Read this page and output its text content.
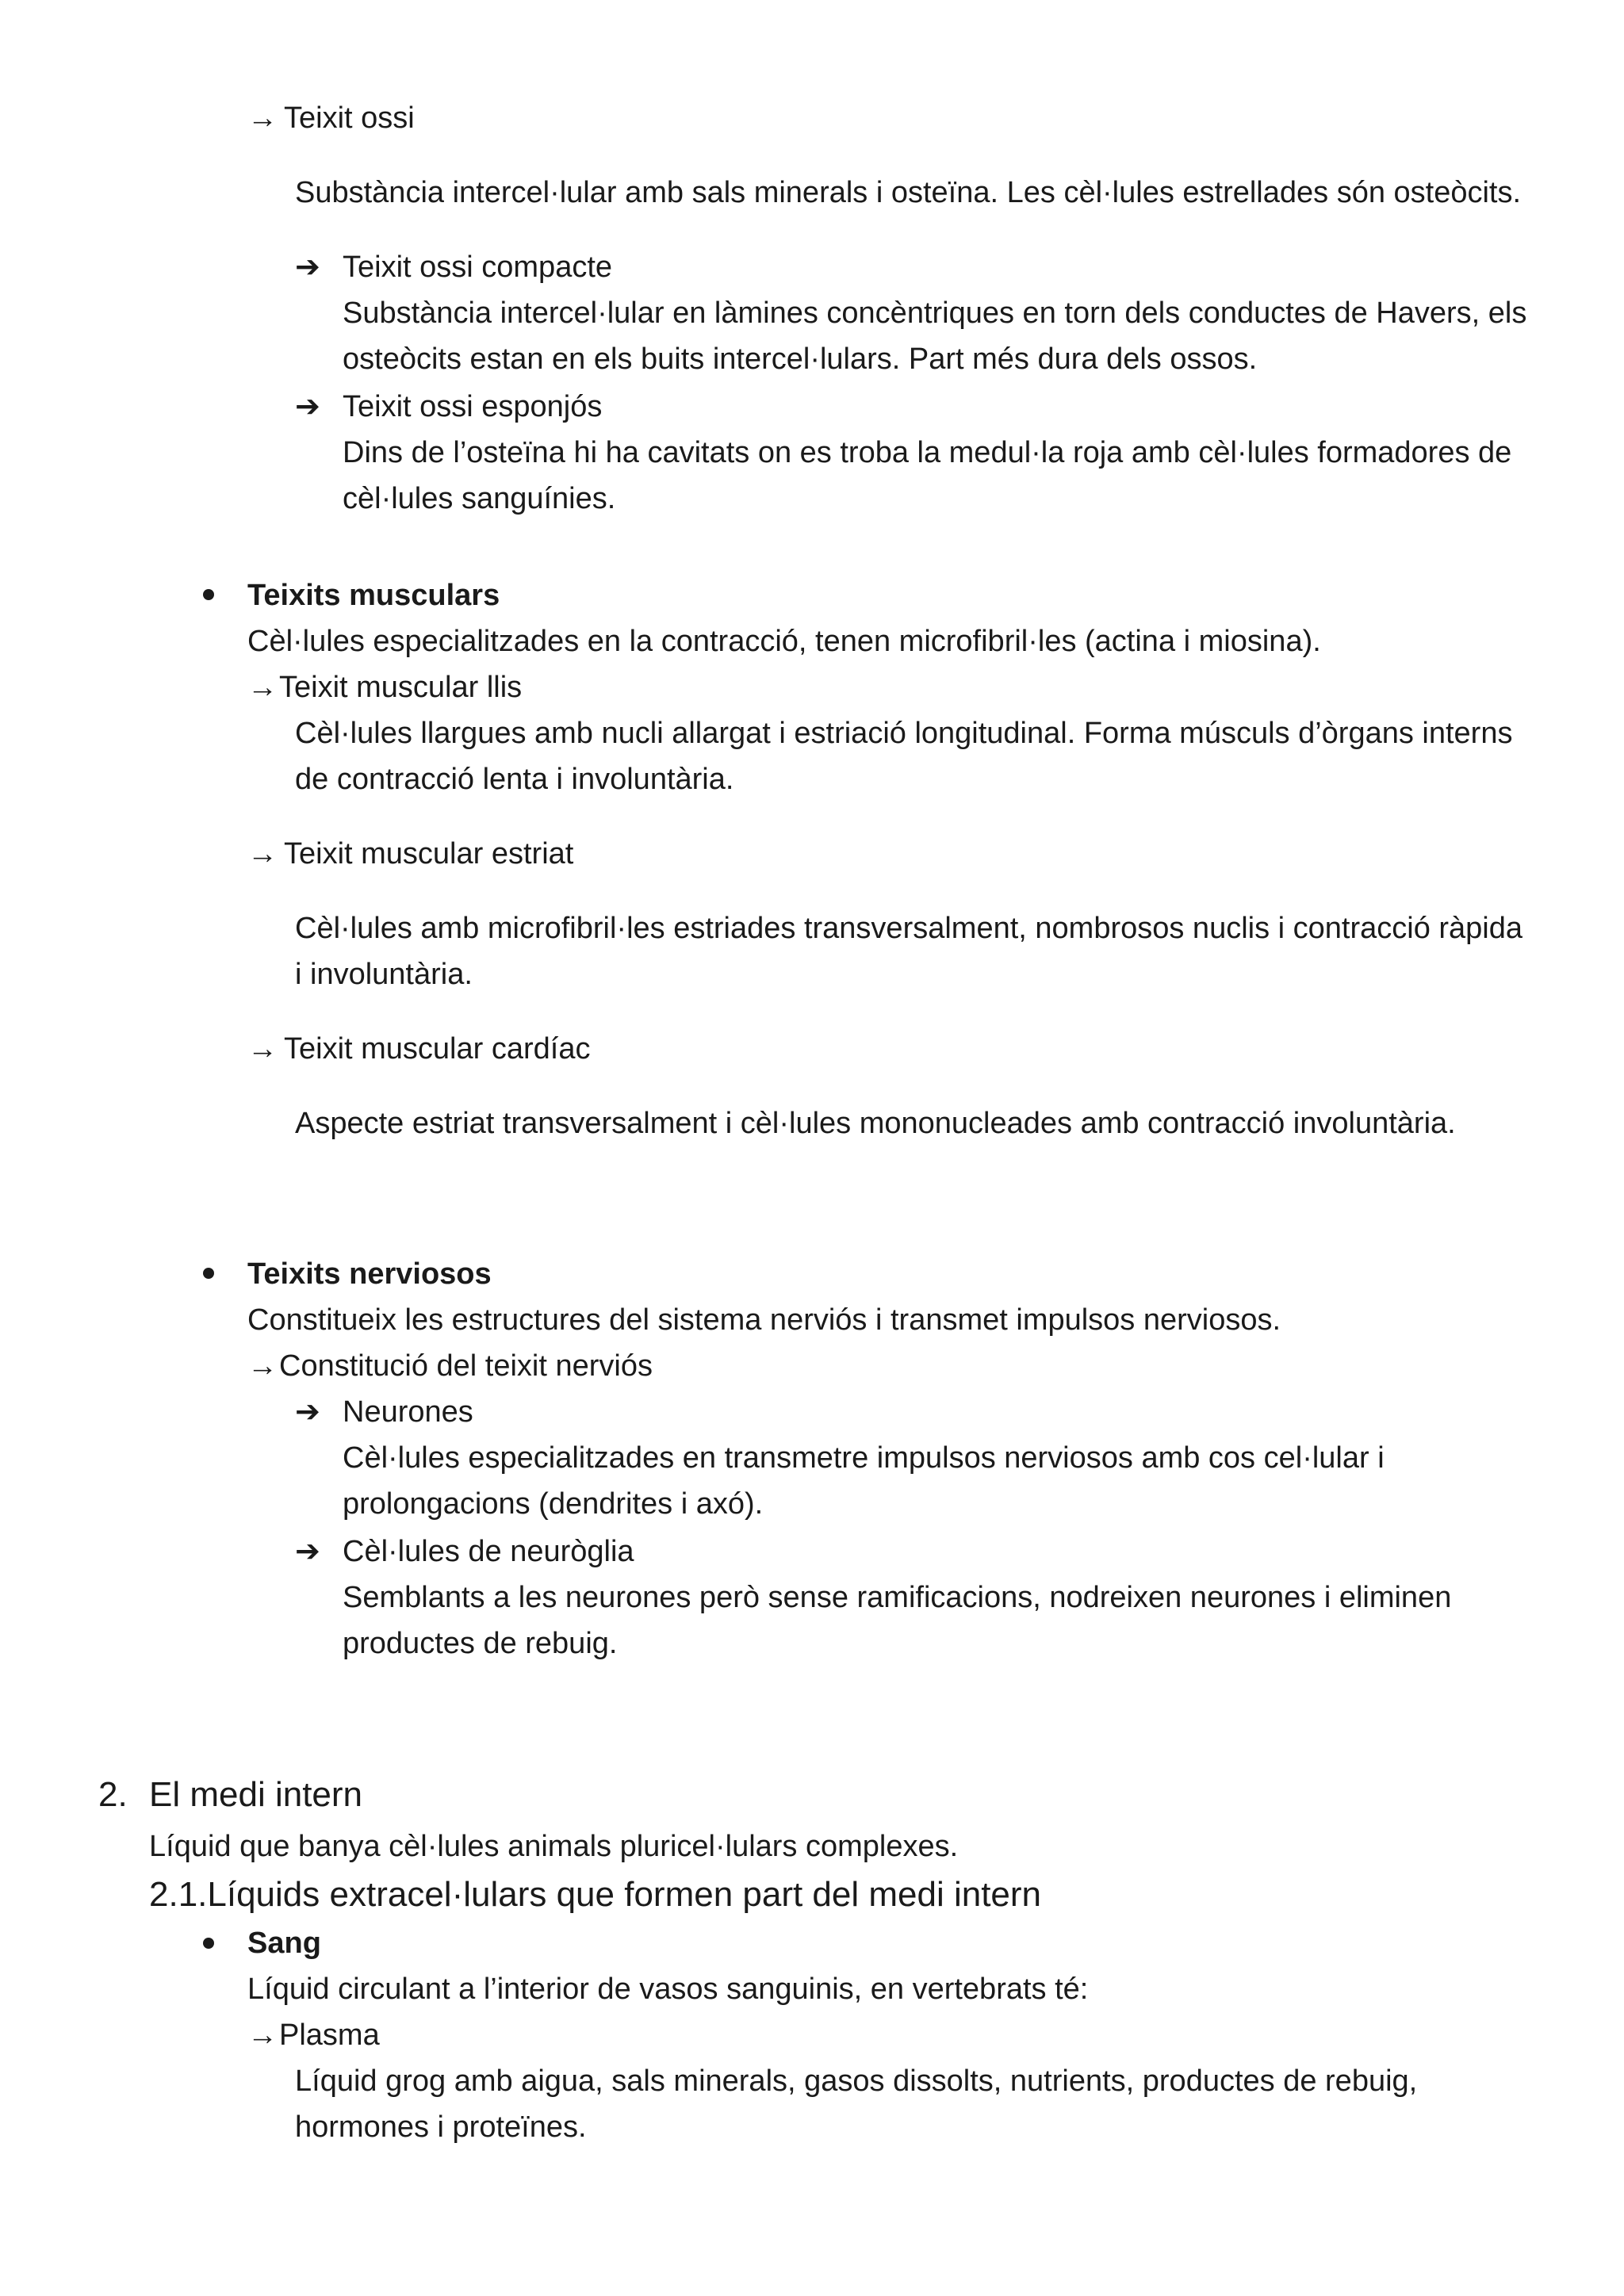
→ Teixit ossi
Substància intercel·lular amb sals minerals i osteïna. Les cèl·lules estrellades són osteòcits.
➔ Teixit ossi compacte
Substància intercel·lular en làmines concèntriques en torn dels conductes de Havers, els
osteòcits estan en els buits intercel·lulars. Part més dura dels ossos.
➔ Teixit ossi esponjós
Dins de l’osteïna hi ha cavitats on es troba la medul·la roja amb cèl·lules formadores de
cèl·lules sanguínies.
Teixits musculars
Cèl·lules especialitzades en la contracció, tenen microfibril·les (actina i miosina).
→Teixit muscular llis
Cèl·lules llargues amb nucli allargat i estriació longitudinal. Forma músculs d’òrgans interns
de contracció lenta i involuntària.
→ Teixit muscular estriat
Cèl·lules amb microfibril·les estriades transversalment, nombrosos nuclis i contracció ràpida
i involuntària.
→ Teixit muscular cardíac
Aspecte estriat transversalment i cèl·lules mononucleades amb contracció involuntària.
Teixits nerviosos
Constitueix les estructures del sistema nerviós i transmet impulsos nerviosos.
→Constitució del teixit nerviós
➔ Neurones
Cèl·lules especialitzades en transmetre impulsos nerviosos amb cos cel·lular i
prolongacions (dendrites i axó).
➔ Cèl·lules de neuròglia
Semblants a les neurones però sense ramificacions, nodreixen neurones i eliminen
productes de rebuig.
2. El medi intern
Líquid que banya cèl·lules animals pluricel·lulars complexes.
2.1.Líquids extracel·lulars que formen part del medi intern
Sang
Líquid circulant a l’interior de vasos sanguinis, en vertebrats té:
→Plasma
Líquid grog amb aigua, sals minerals, gasos dissolts, nutrients, productes de rebuig,
hormones i proteïnes.
